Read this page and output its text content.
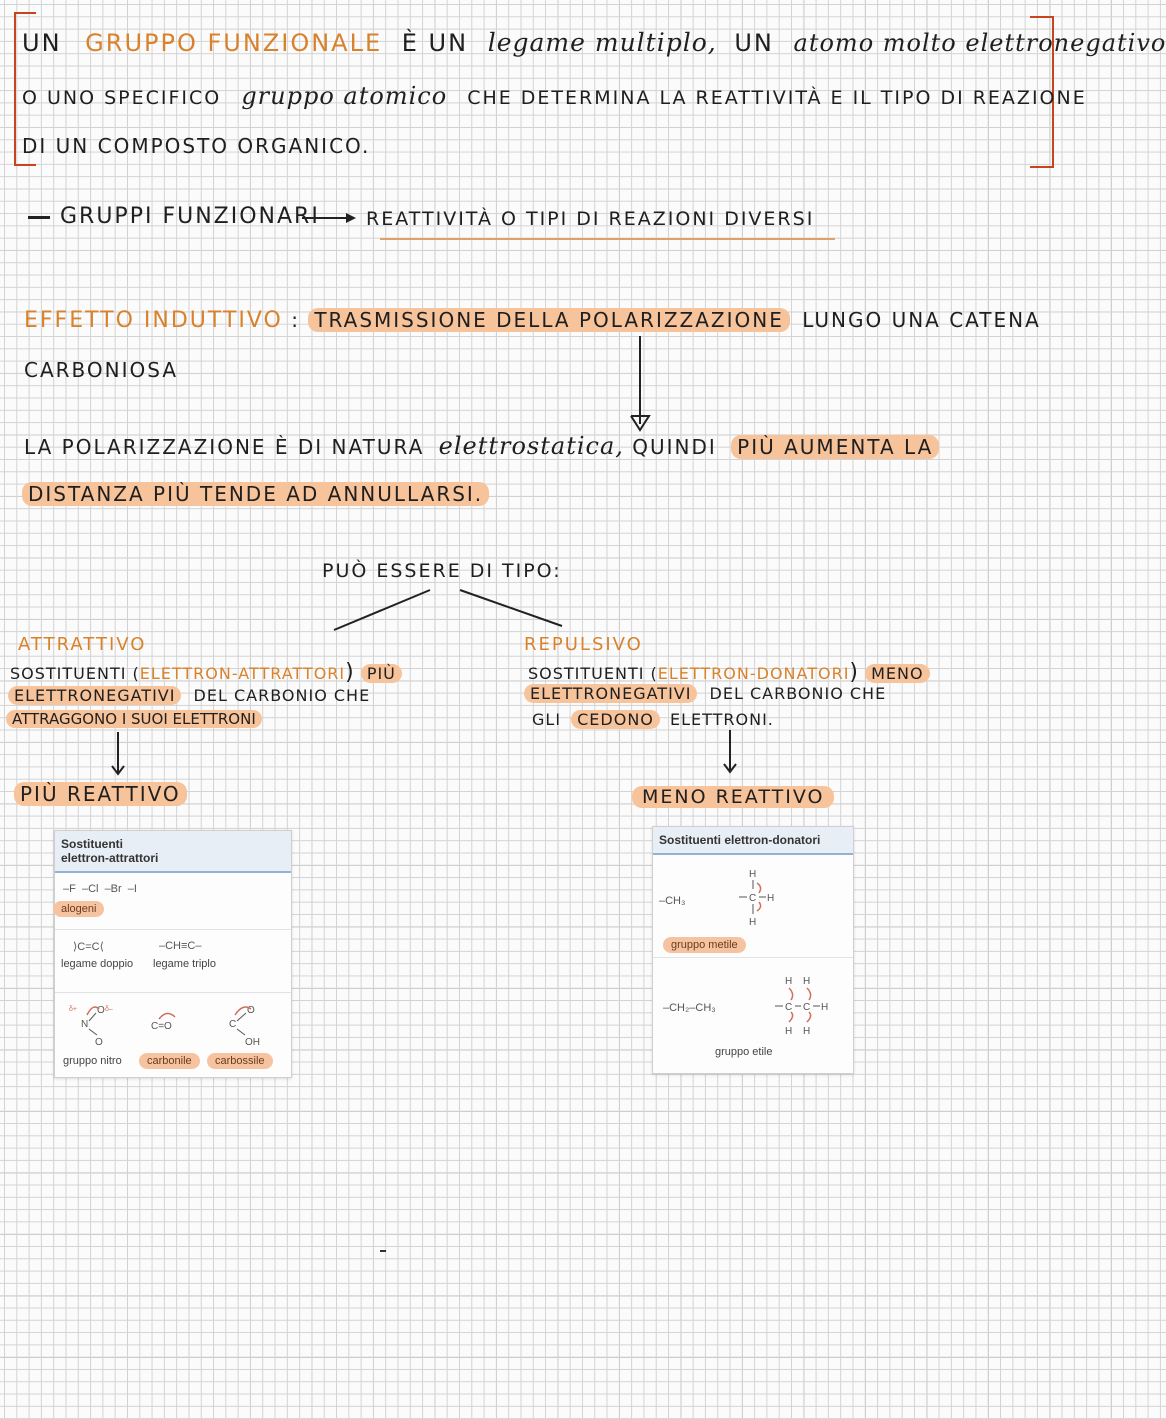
UN GRUPPO FUNZIONALE È UN legame multiplo, UN atomo molto elettronegativo
O UNO SPECIFICO gruppo atomico CHE DETERMINA LA REATTIVITÀ E IL TIPO DI REAZIONE
DI UN COMPOSTO ORGANICO.
GRUPPI FUNZIONARI REATTIVITÀ O TIPI DI REAZIONI DIVERSI
EFFETTO INDUTTIVO : TRASMISSIONE DELLA POLARIZZAZIONE LUNGO UNA CATENA
CARBONIOSA
LA POLARIZZAZIONE È DI NATURA elettrostatica, QUINDI PIÙ AUMENTA LA
DISTANZA PIÙ TENDE AD ANNULLARSI.
PUÒ ESSERE DI TIPO:
ATTRATTIVO
SOSTITUENTI (ELETTRON-ATTRATTORI) PIÙ
ELETTRONEGATIVI DEL CARBONIO CHE
ATTRAGGONO I SUOI ELETTRONI
PIÙ REATTIVO
REPULSIVO
SOSTITUENTI (ELETTRON-DONATORI) MENO
ELETTRONEGATIVI DEL CARBONIO CHE
GLI CEDONO ELETTRONI.
MENO REATTIVO
Sostituenti
elettron-attrattori
–F  –Cl  –Br  –I
alogeni
⟩C=C⟨
legame doppio
–CH≡C–
legame triplo
δ+	δ–
N
O
O
gruppo nitro
C=O
carbonile
C
O
OH
carbossile
Sostituenti elettron-donatori
–CH₃
H
C H
H
gruppo metile
–CH₂–CH₃
H H
C C H
H H
gruppo etile
